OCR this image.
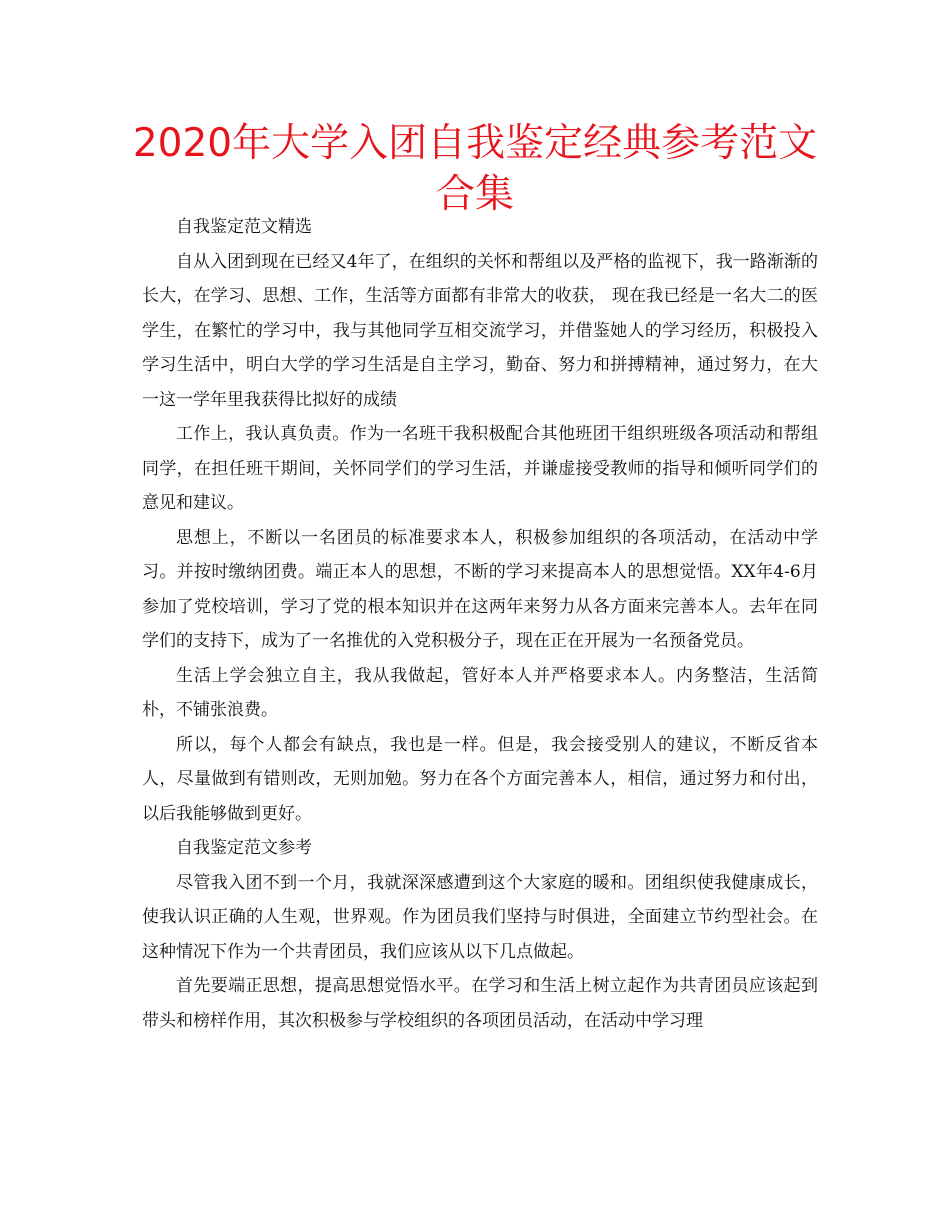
2020年大学入团自我鉴定经典参考范文合集

自我鉴定范文精选

自从入团到现在已经又4年了，在组织的关怀和帮组以及严格的监视下，我一路渐渐的长大，在学习、思想、工作，生活等方面都有非常大的收获， 现在我已经是一名大二的医学生，在繁忙的学习中，我与其他同学互相交流学习，并借鉴她人的学习经历，积极投入学习生活中，明白大学的学习生活是自主学习，勤奋、努力和拼搏精神，通过努力，在大一这一学年里我获得比拟好的成绩

工作上，我认真负责。作为一名班干我积极配合其他班团干组织班级各项活动和帮组同学，在担任班干期间，关怀同学们的学习生活，并谦虚接受教师的指导和倾听同学们的意见和建议。

思想上，不断以一名团员的标准要求本人，积极参加组织的各项活动，在活动中学习。并按时缴纳团费。端正本人的思想，不断的学习来提高本人的思想觉悟。XX年4-6月参加了党校培训，学习了党的根本知识并在这两年来努力从各方面来完善本人。去年在同学们的支持下，成为了一名推优的入党积极分子，现在正在开展为一名预备党员。

生活上学会独立自主，我从我做起，管好本人并严格要求本人。内务整洁，生活简朴，不铺张浪费。

所以，每个人都会有缺点，我也是一样。但是，我会接受别人的建议，不断反省本人，尽量做到有错则改，无则加勉。努力在各个方面完善本人，相信，通过努力和付出，以后我能够做到更好。

自我鉴定范文参考

尽管我入团不到一个月，我就深深感遭到这个大家庭的暖和。团组织使我健康成长，使我认识正确的人生观，世界观。作为团员我们坚持与时俱进，全面建立节约型社会。在这种情况下作为一个共青团员，我们应该从以下几点做起。

首先要端正思想，提高思想觉悟水平。在学习和生活上树立起作为共青团员应该起到带头和榜样作用，其次积极参与学校组织的各项团员活动，在活动中学习理
